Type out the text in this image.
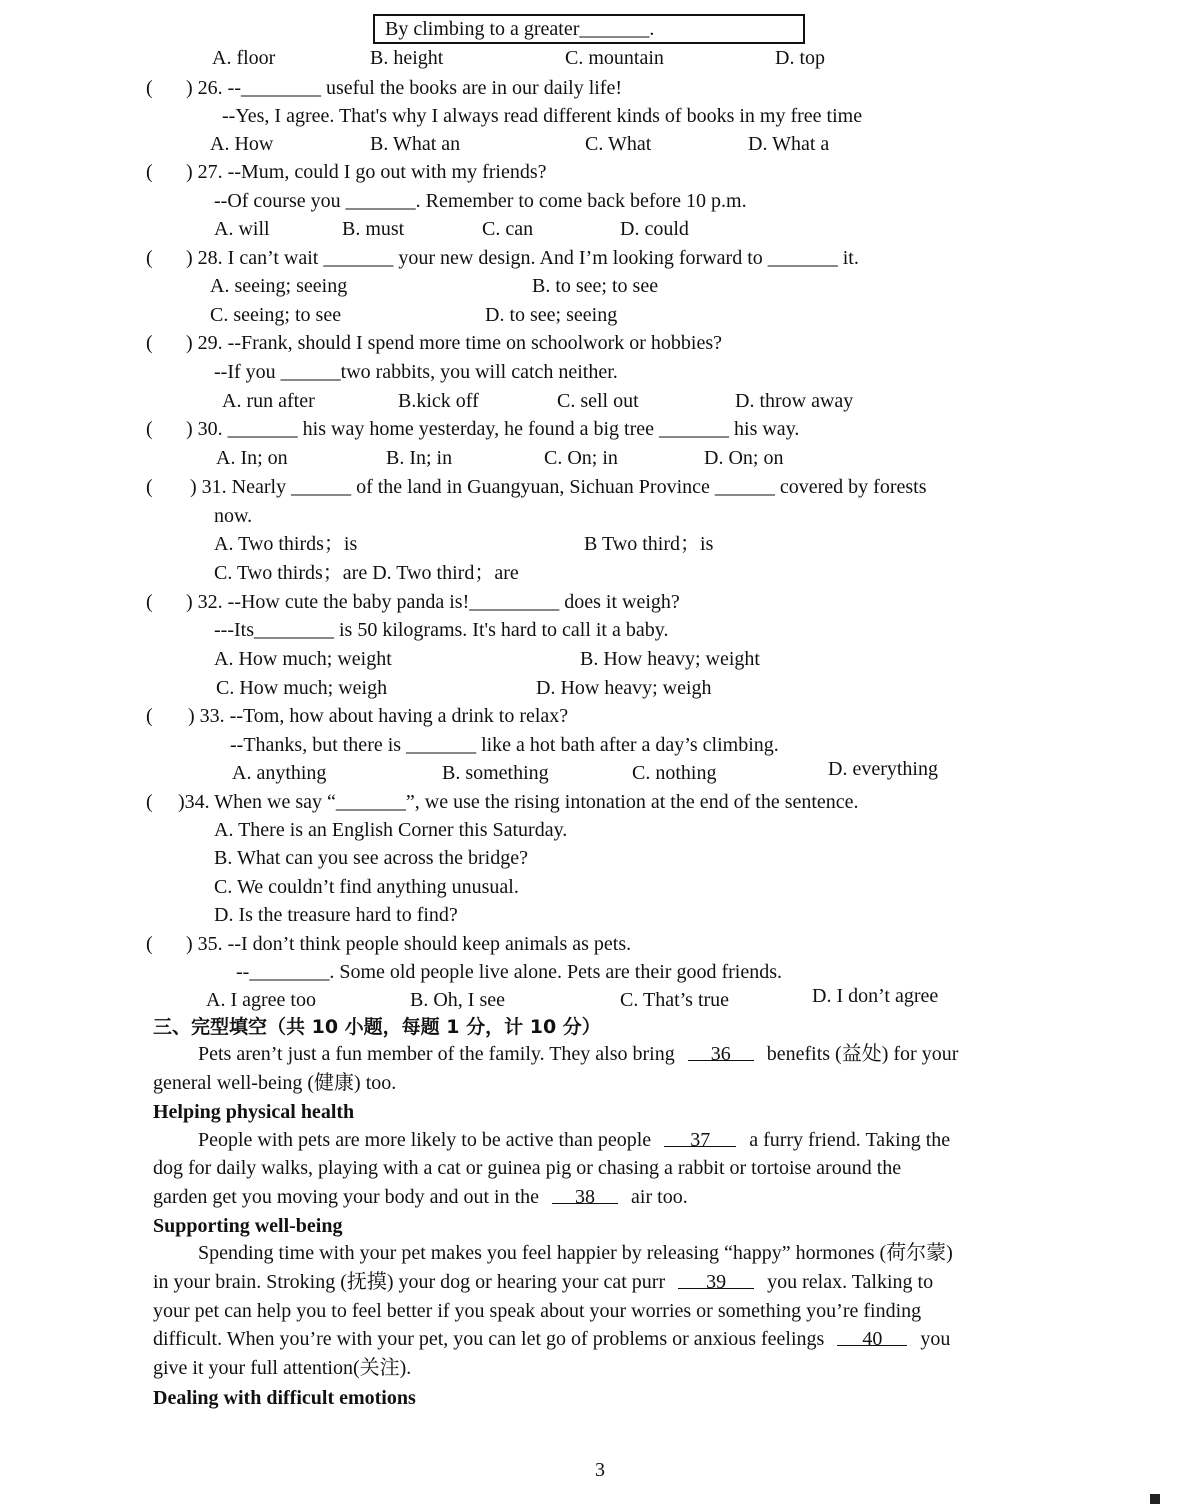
By climbing to a greater_______.
A. floor	B. height	C. mountain	D. top
( ) 26. --________ useful the books are in our daily life!
--Yes, I agree. That's why I always read different kinds of books in my free time
A. How	B. What an	C. What	D. What a
( ) 27. --Mum, could I go out with my friends?
--Of course you _______. Remember to come back before 10 p.m.
A. will	B. must	C. can	D. could
( ) 28. I can’t wait _______ your new design. And I’m looking forward to _______ it.
A. seeing; seeing	B. to see; to see
C. seeing; to see	D. to see; seeing
( ) 29. --Frank, should I spend more time on schoolwork or hobbies?
--If you ______two rabbits, you will catch neither.
A. run after	B.kick off	C. sell out	D. throw away
( ) 30. _______ his way home yesterday, he found a big tree _______ his way.
A. In; on	B. In; in	C. On; in	D. On; on
( ) 31. Nearly ______ of the land in Guangyuan, Sichuan Province ______ covered by forests
now.
A. Two thirds；is	B Two third；is
C. Two thirds；are D. Two third；are
( ) 32. --How cute the baby panda is!_________ does it weigh?
---Its________ is 50 kilograms. It's hard to call it a baby.
A. How much; weight	B. How heavy; weight
C. How much; weigh	D. How heavy; weigh
( ) 33. --Tom, how about having a drink to relax?
--Thanks, but there is _______ like a hot bath after a day’s climbing.
A. anything	B. something	C. nothing	D. everything
( )34. When we say “_______”, we use the rising intonation at the end of the sentence.
A. There is an English Corner this Saturday.
B. What can you see across the bridge?
C. We couldn’t find anything unusual.
D. Is the treasure hard to find?
( ) 35. --I don’t think people should keep animals as pets.
--________. Some old people live alone. Pets are their good friends.
A. I agree too	B. Oh, I see	C. That’s true	D. I don’t agree
三、完型填空（共 10 小题，每题 1 分，计 10 分）
Pets aren’t just a fun member of the family. They also bring 36 benefits (益处) for your
general well-being (健康) too.
Helping physical health
People with pets are more likely to be active than people 37 a furry friend. Taking the
dog for daily walks, playing with a cat or guinea pig or chasing a rabbit or tortoise around the
garden get you moving your body and out in the 38 air too.
Supporting well-being
Spending time with your pet makes you feel happier by releasing “happy” hormones (荷尔蒙)
in your brain. Stroking (抚摸) your dog or hearing your cat purr 39 you relax. Talking to
your pet can help you to feel better if you speak about your worries or something you’re finding
difficult. When you’re with your pet, you can let go of problems or anxious feelings 40 you
give it your full attention(关注).
Dealing with difficult emotions
3
